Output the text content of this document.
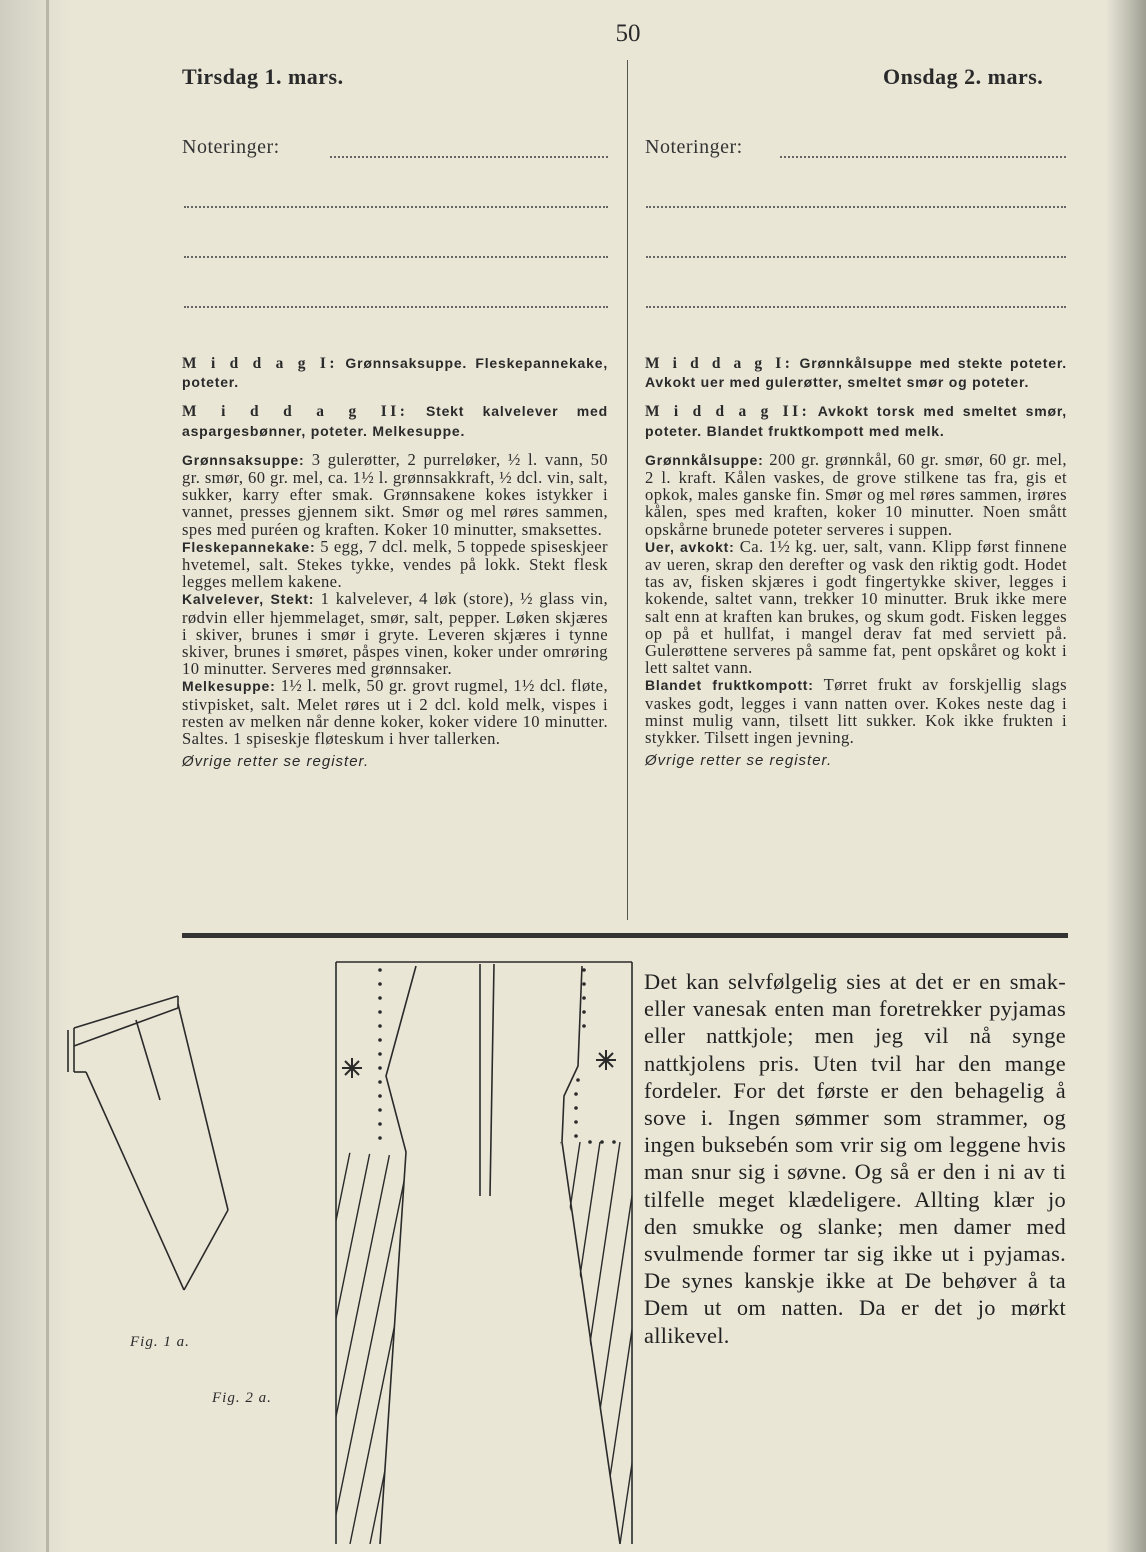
50
Tirsdag 1. mars.
Noteringer:

M i d d a g I: Grønnsaksuppe. Fleskepannekake, poteter.

M i d d a g II: Stekt kalvelever med aspargesbønner, poteter. Melkesuppe.

Grønnsaksuppe: 3 gulerøtter, 2 purreløker, ½ l. vann, 50 gr. smør, 60 gr. mel, ca. 1½ l. grønnsakkraft, ½ dcl. vin, salt, sukker, karry efter smak. Grønnsakene kokes istykker i vannet, presses gjennem sikt. Smør og mel røres sammen, spes med puréen og kraften. Koker 10 minutter, smaksettes.

Fleskepannekake: 5 egg, 7 dcl. melk, 5 toppede spiseskjeer hvetemel, salt. Stekes tykke, vendes på lokk. Stekt flesk legges mellem kakene.

Kalvelever, Stekt: 1 kalvelever, 4 løk (store), ½ glass vin, rødvin eller hjemmelaget, smør, salt, pepper. Løken skjæres i skiver, brunes i smør i gryte. Leveren skjæres i tynne skiver, brunes i smøret, påspes vinen, koker under omrøring 10 minutter. Serveres med grønnsaker.

Melkesuppe: 1½ l. melk, 50 gr. grovt rugmel, 1½ dcl. fløte, stivpisket, salt. Melet røres ut i 2 dcl. kold melk, vispes i resten av melken når denne koker, koker videre 10 minutter. Saltes. 1 spiseskje fløteskum i hver tallerken.

Øvrige retter se register.

Onsdag 2. mars.
Noteringer:

M i d d a g I: Grønnkålsuppe med stekte poteter. Avkokt uer med gulerøtter, smeltet smør og poteter.

M i d d a g II: Avkokt torsk med smeltet smør, poteter. Blandet fruktkompott med melk.

Grønnkålsuppe: 200 gr. grønnkål, 60 gr. smør, 60 gr. mel, 2 l. kraft. Kålen vaskes, de grove stilkene tas fra, gis et opkok, males ganske fin. Smør og mel røres sammen, irøres kålen, spes med kraften, koker 10 minutter. Noen smått opskårne brunede poteter serveres i suppen.

Uer, avkokt: Ca. 1½ kg. uer, salt, vann. Klipp først finnene av ueren, skrap den derefter og vask den riktig godt. Hodet tas av, fisken skjæres i godt fingertykke skiver, legges i kokende, saltet vann, trekker 10 minutter. Bruk ikke mere salt enn at kraften kan brukes, og skum godt. Fisken legges op på et hullfat, i mangel derav fat med serviett på. Gulerøttene serveres på samme fat, pent opskåret og kokt i lett saltet vann.

Blandet fruktkompott: Tørret frukt av forskjellig slags vaskes godt, legges i vann natten over. Kokes neste dag i minst mulig vann, tilsett litt sukker. Kok ikke frukten i stykker. Tilsett ingen jevning.

Øvrige retter se register.

Fig. 1 a.
Fig. 2 a.
Det kan selvfølgelig sies at det er en smak- eller vanesak enten man foretrekker pyjamas eller nattkjole; men jeg vil nå synge nattkjolens pris. Uten tvil har den mange fordeler. For det første er den behagelig å sove i. Ingen sømmer som strammer, og ingen buksebén som vrir sig om leggene hvis man snur sig i søvne. Og så er den i ni av ti tilfelle meget klædeligere. Allting klær jo den smukke og slanke; men damer med svulmende former tar sig ikke ut i pyjamas. De synes kanskje ikke at De behøver å ta Dem ut om natten. Da er det jo mørkt allikevel.
